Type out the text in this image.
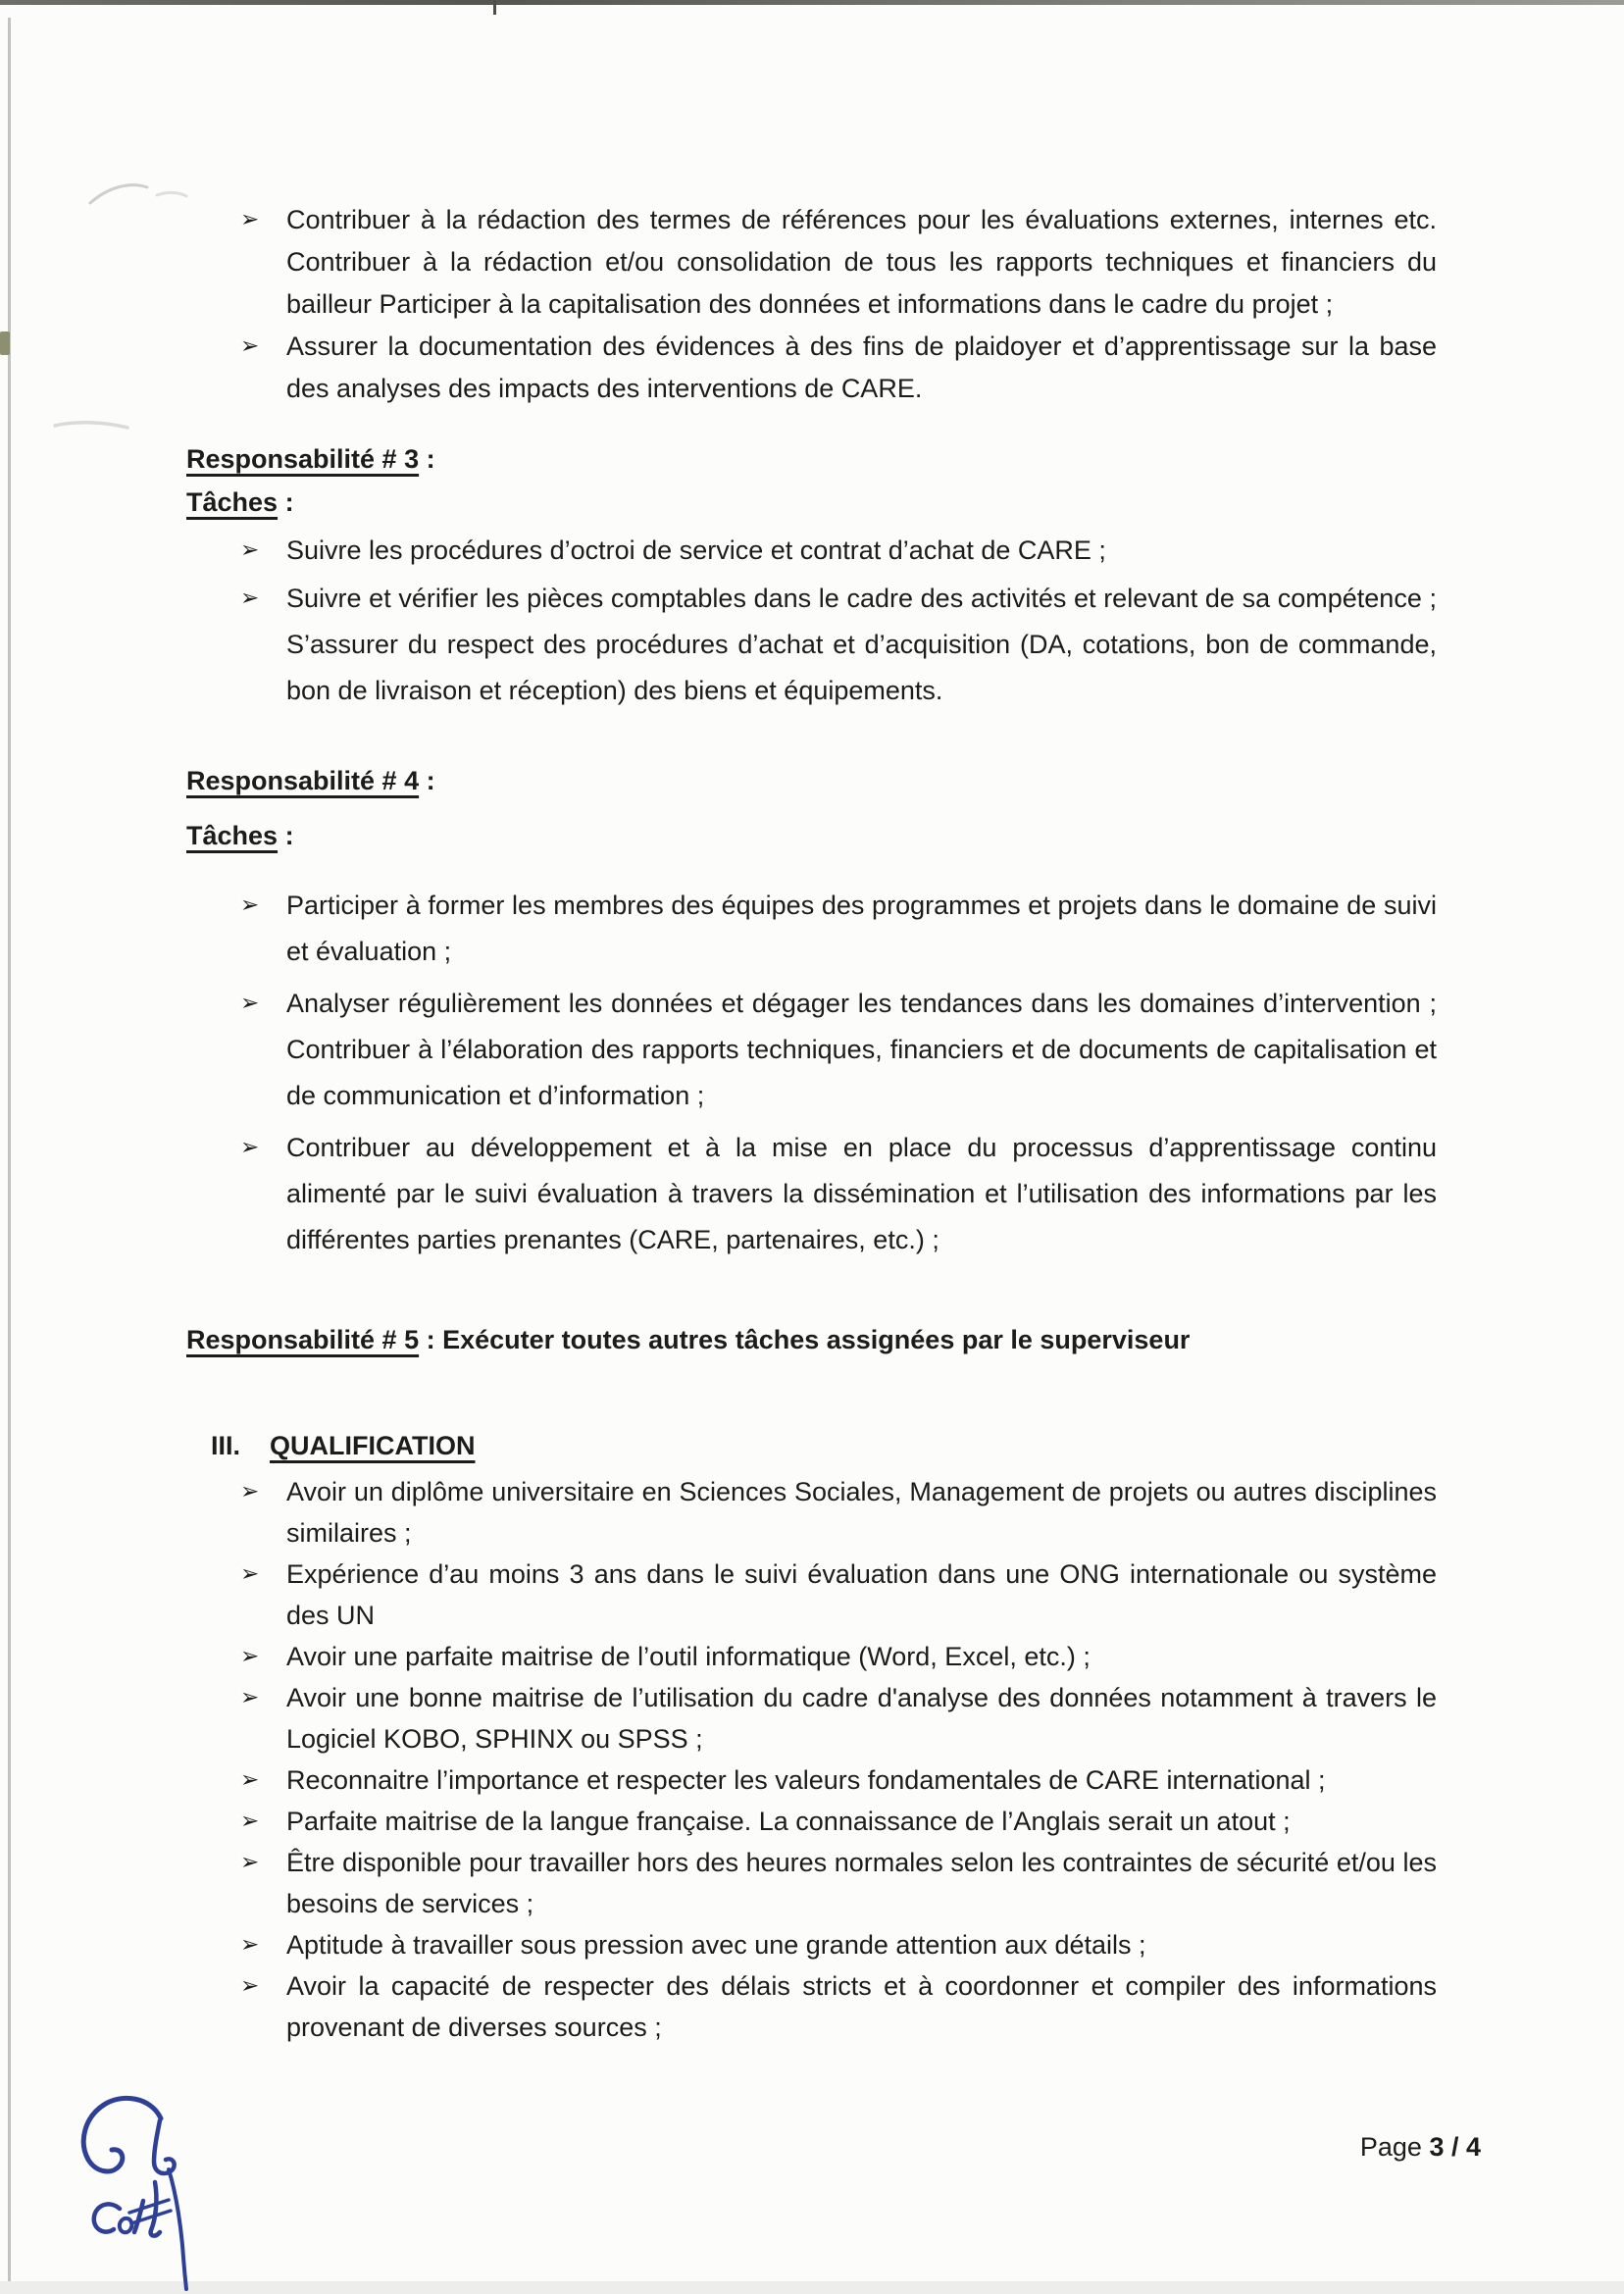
➢	Contribuer à la rédaction des termes de références pour les évaluations externes, internes etc. Contribuer à la rédaction et/ou consolidation de tous les rapports techniques et financiers du bailleur Participer à la capitalisation des données et informations dans le cadre du projet ;
➢	Assurer la documentation des évidences à des fins de plaidoyer et d’apprentissage sur la base des analyses des impacts des interventions de CARE.
Responsabilité # 3 :
Tâches :
➢	Suivre les procédures d’octroi de service et contrat d’achat de CARE ;
➢	Suivre et vérifier les pièces comptables dans le cadre des activités et relevant de sa compétence ; S’assurer du respect des procédures d’achat et d’acquisition (DA, cotations, bon de commande, bon de livraison et réception) des biens et équipements.
Responsabilité # 4 :
Tâches :
➢	Participer à former les membres des équipes des programmes et projets dans le domaine de suivi et évaluation ;
➢	Analyser régulièrement les données et dégager les tendances dans les domaines d’intervention ; Contribuer à l’élaboration des rapports techniques, financiers et de documents de capitalisation et de communication et d’information ;
➢	Contribuer au développement et à la mise en place du processus d’apprentissage continu alimenté par le suivi évaluation à travers la dissémination et l’utilisation des informations par les différentes parties prenantes (CARE, partenaires, etc.) ;
Responsabilité # 5 : Exécuter toutes autres tâches assignées par le superviseur
III.	QUALIFICATION
➢	Avoir un diplôme universitaire en Sciences Sociales, Management de projets ou autres disciplines similaires ;
➢	Expérience d’au moins 3 ans dans le suivi évaluation dans une ONG internationale ou système des UN
➢	Avoir une parfaite maitrise de l’outil informatique (Word, Excel, etc.) ;
➢	Avoir une bonne maitrise de l’utilisation du cadre d'analyse des données notamment à travers le Logiciel KOBO, SPHINX ou SPSS ;
➢	Reconnaitre l’importance et respecter les valeurs fondamentales de CARE international ;
➢	Parfaite maitrise de la langue française. La connaissance de l’Anglais serait un atout ;
➢	Être disponible pour travailler hors des heures normales selon les contraintes de sécurité et/ou les besoins de services ;
➢	Aptitude à travailler sous pression avec une grande attention aux détails ;
➢	Avoir la capacité de respecter des délais stricts et à coordonner et compiler des informations provenant de diverses sources ;
Page 3 / 4
